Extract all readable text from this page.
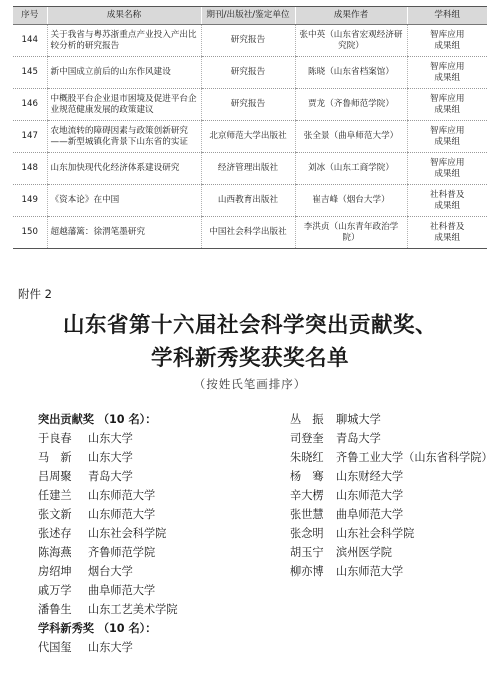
序号	成果名称	期刊/出版社/鉴定单位	成果作者	学科组
144	关于我省与粤苏浙重点产业投入产出比较分析的研究报告	研究报告	张中英（山东省宏观经济研究院）	智库应用
成果组
145	新中国成立前后的山东作风建设	研究报告	陈晓（山东省档案馆）	智库应用
成果组
146	中概股平台企业退市困境及促进平台企业规范健康发展的政策建议	研究报告	贾龙（齐鲁师范学院）	智库应用
成果组
147	农地流转的障碍因素与政策创新研究——新型城镇化背景下山东省的实证	北京师范大学出版社	张全景（曲阜师范大学）	智库应用
成果组
148	山东加快现代化经济体系建设研究	经济管理出版社	刘冰（山东工商学院）	智库应用
成果组
149	《资本论》在中国	山西教育出版社	崔吉峰（烟台大学）	社科普及
成果组
150	超越藩篱：徐渭笔墨研究	中国社会科学出版社	李洪贞（山东青年政治学院）	社科普及
成果组
附件 2
山东省第十六届社会科学突出贡献奖、
学科新秀奖获奖名单
（按姓氏笔画排序）
突出贡献奖 （10 名）：
于良春	山东大学
马　新	山东大学
吕周聚	青岛大学
任建兰	山东师范大学
张文新	山东师范大学
张述存	山东社会科学院
陈海燕	齐鲁师范学院
房绍坤	烟台大学
戚万学	曲阜师范大学
潘鲁生	山东工艺美术学院
学科新秀奖 （10 名）：
代国玺	山东大学
丛　振	聊城大学
司登奎	青岛大学
朱晓红	齐鲁工业大学（山东省科学院）
杨　骞	山东财经大学
辛大楞	山东师范大学
张世慧	曲阜师范大学
张念明	山东社会科学院
胡玉宁	滨州医学院
柳亦博	山东师范大学
